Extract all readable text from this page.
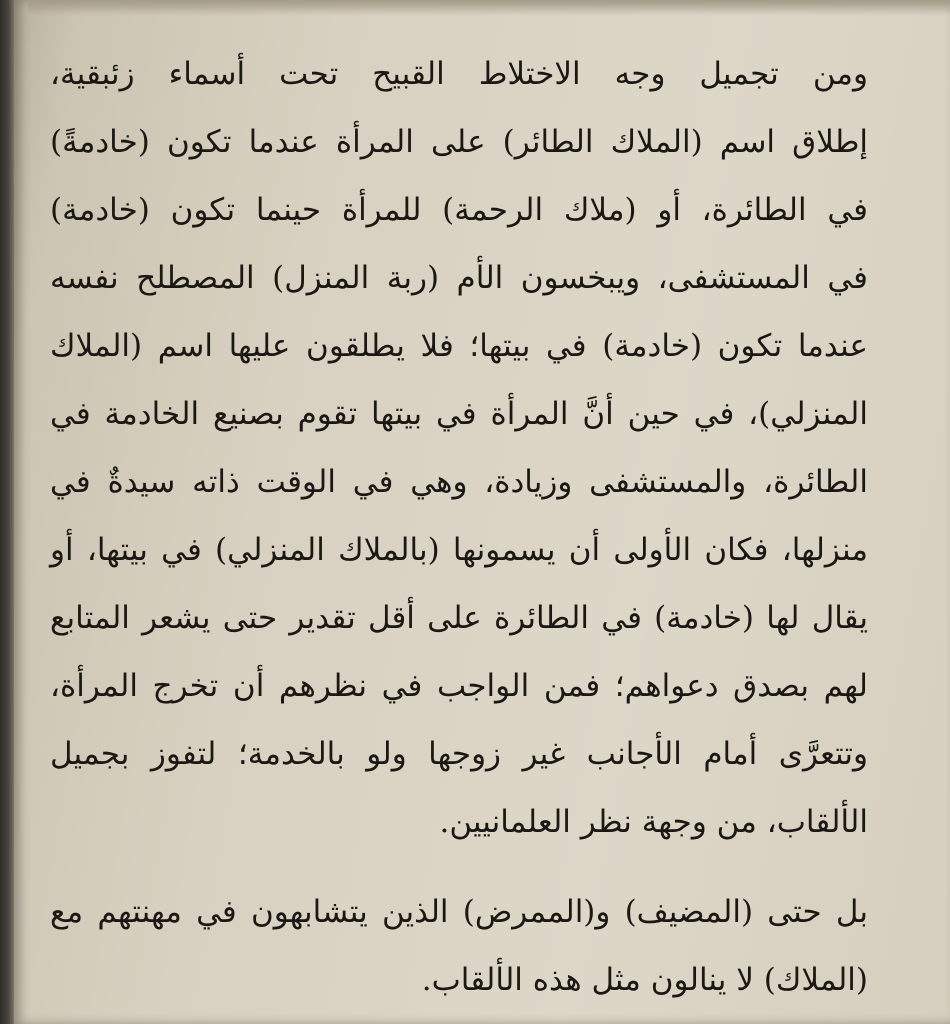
ومن تجميل وجه الاختلاط القبيح تحت أسماء زئبقية،
إطلاق اسم (الملاك الطائر) على المرأة عندما تكون (خادمةً)
في الطائرة، أو (ملاك الرحمة) للمرأة حينما تكون (خادمة)
في المستشفى، ويبخسون الأم (ربة المنزل) المصطلح نفسه
عندما تكون (خادمة) في بيتها؛ فلا يطلقون عليها اسم (الملاك
المنزلي)، في حين أنَّ المرأة في بيتها تقوم بصنيع الخادمة في
الطائرة، والمستشفى وزيادة، وهي في الوقت ذاته سيدةٌ في
منزلها، فكان الأولى أن يسمونها (بالملاك المنزلي) في بيتها، أو
يقال لها (خادمة) في الطائرة على أقل تقدير حتى يشعر المتابع
لهم بصدق دعواهم؛ فمن الواجب في نظرهم أن تخرج المرأة،
وتتعرَّى أمام الأجانب غير زوجها ولو بالخدمة؛ لتفوز بجميل
الألقاب، من وجهة نظر العلمانيين.
بل حتى (المضيف) و(الممرض) الذين يتشابهون في مهنتهم مع
(الملاك) لا ينالون مثل هذه الألقاب.
